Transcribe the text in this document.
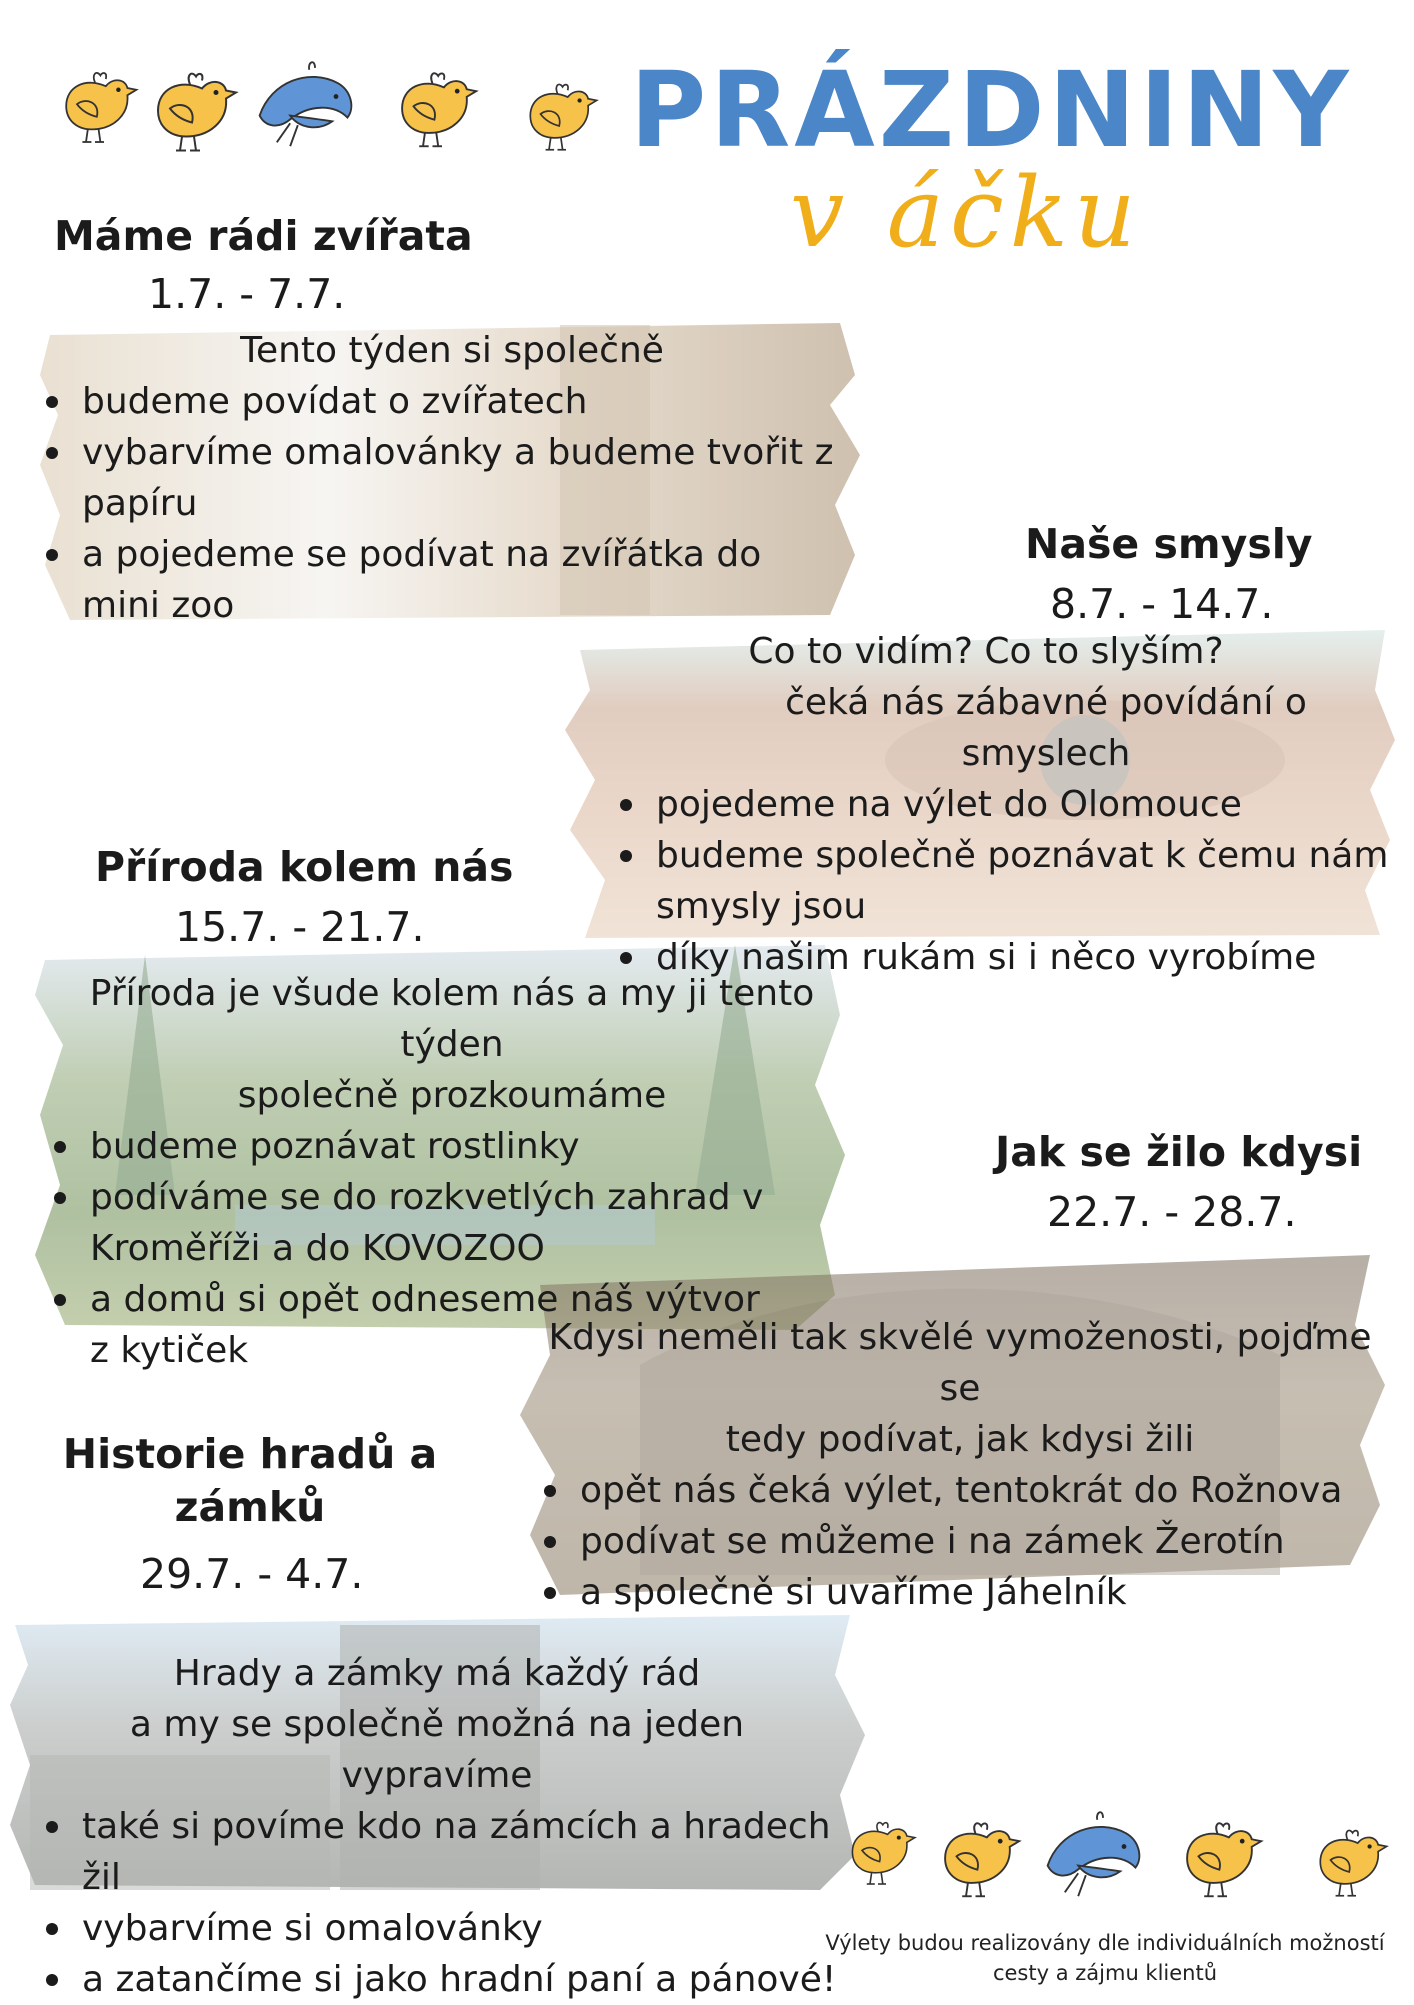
PRÁZDNINY
v áčku
Máme rádi zvířata
1.7. - 7.7.
Tento týden si společně
budeme povídat o zvířatech
vybarvíme omalovánky a budeme tvořit z papíru
a pojedeme se podívat na zvířátka do mini zoo
Naše smysly
8.7. - 14.7.
Co to vidím? Co to slyším?
čeká nás zábavné povídání o smyslech
pojedeme na výlet do Olomouce
budeme společně poznávat k čemu nám smysly jsou
díky našim rukám si i něco vyrobíme
Příroda kolem nás
15.7. - 21.7.
Příroda je všude kolem nás a my ji tento týden
společně prozkoumáme
budeme poznávat rostlinky
podíváme se do rozkvetlých zahrad v Kroměříži a do KOVOZOO
a domů si opět odneseme náš výtvor z kytiček
Jak se žilo kdysi
22.7. - 28.7.
Kdysi neměli tak skvělé vymoženosti, pojďme se
tedy podívat, jak kdysi žili
opět nás čeká výlet, tentokrát do Rožnova
podívat se můžeme i na zámek Žerotín
a společně si uvaříme Jáhelník
Historie hradů a
zámků
29.7. - 4.7.
Hrady a zámky má každý rád
a my se společně možná na jeden vypravíme
také si povíme kdo na zámcích a hradech žil
vybarvíme si omalovánky
a zatančíme si jako hradní paní a pánové!
Výlety budou realizovány dle individuálních možností
cesty a zájmu klientů
